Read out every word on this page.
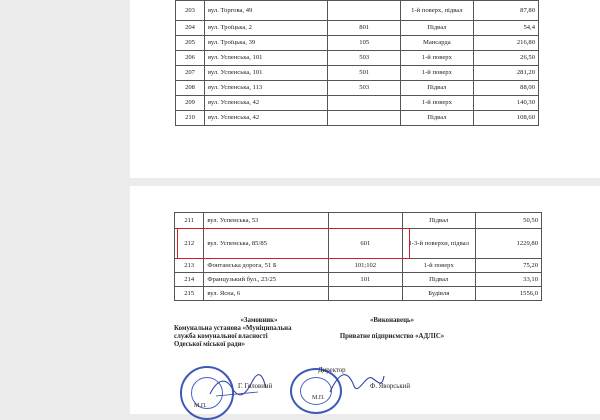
203	вул. Торгова, 49		1-й поверх, підвал	87,80
204	вул. Троїцька, 2	801	Підвал	54,4
205	вул. Троїцька, 39	105	Мансарда	216,80
206	вул. Успенська, 101	503	1-й поверх	26,50
207	вул. Успенська, 101	501	1-й поверх	281,20
208	вул. Успенська, 113	503	Підвал	88,00
209	вул. Успенська, 42		1-й поверх	140,30
210	вул. Успенська, 42		Підвал	108,60
211	вул. Успенська, 53		Підвал	50,50
212	вул. Успенська, 85/85	601	1-3-й поверхи, підвал	1229,80
213	Фонтанська дорога, 51 Б	101;102	1-й поверх	75,20
214	Французький бул., 23/25	101	Підвал	33,10
215	вул. Ясна, 6		Будівля	1556,0
«Замовник»
Комунальна установа «Муніципальна
служба комунальної власності
Одеської міської ради»
«Виконавець»
Приватне підприємство «АДЛІС»
Г. Головний
М.П.
Директор
Ф. Яворський
М.П.
